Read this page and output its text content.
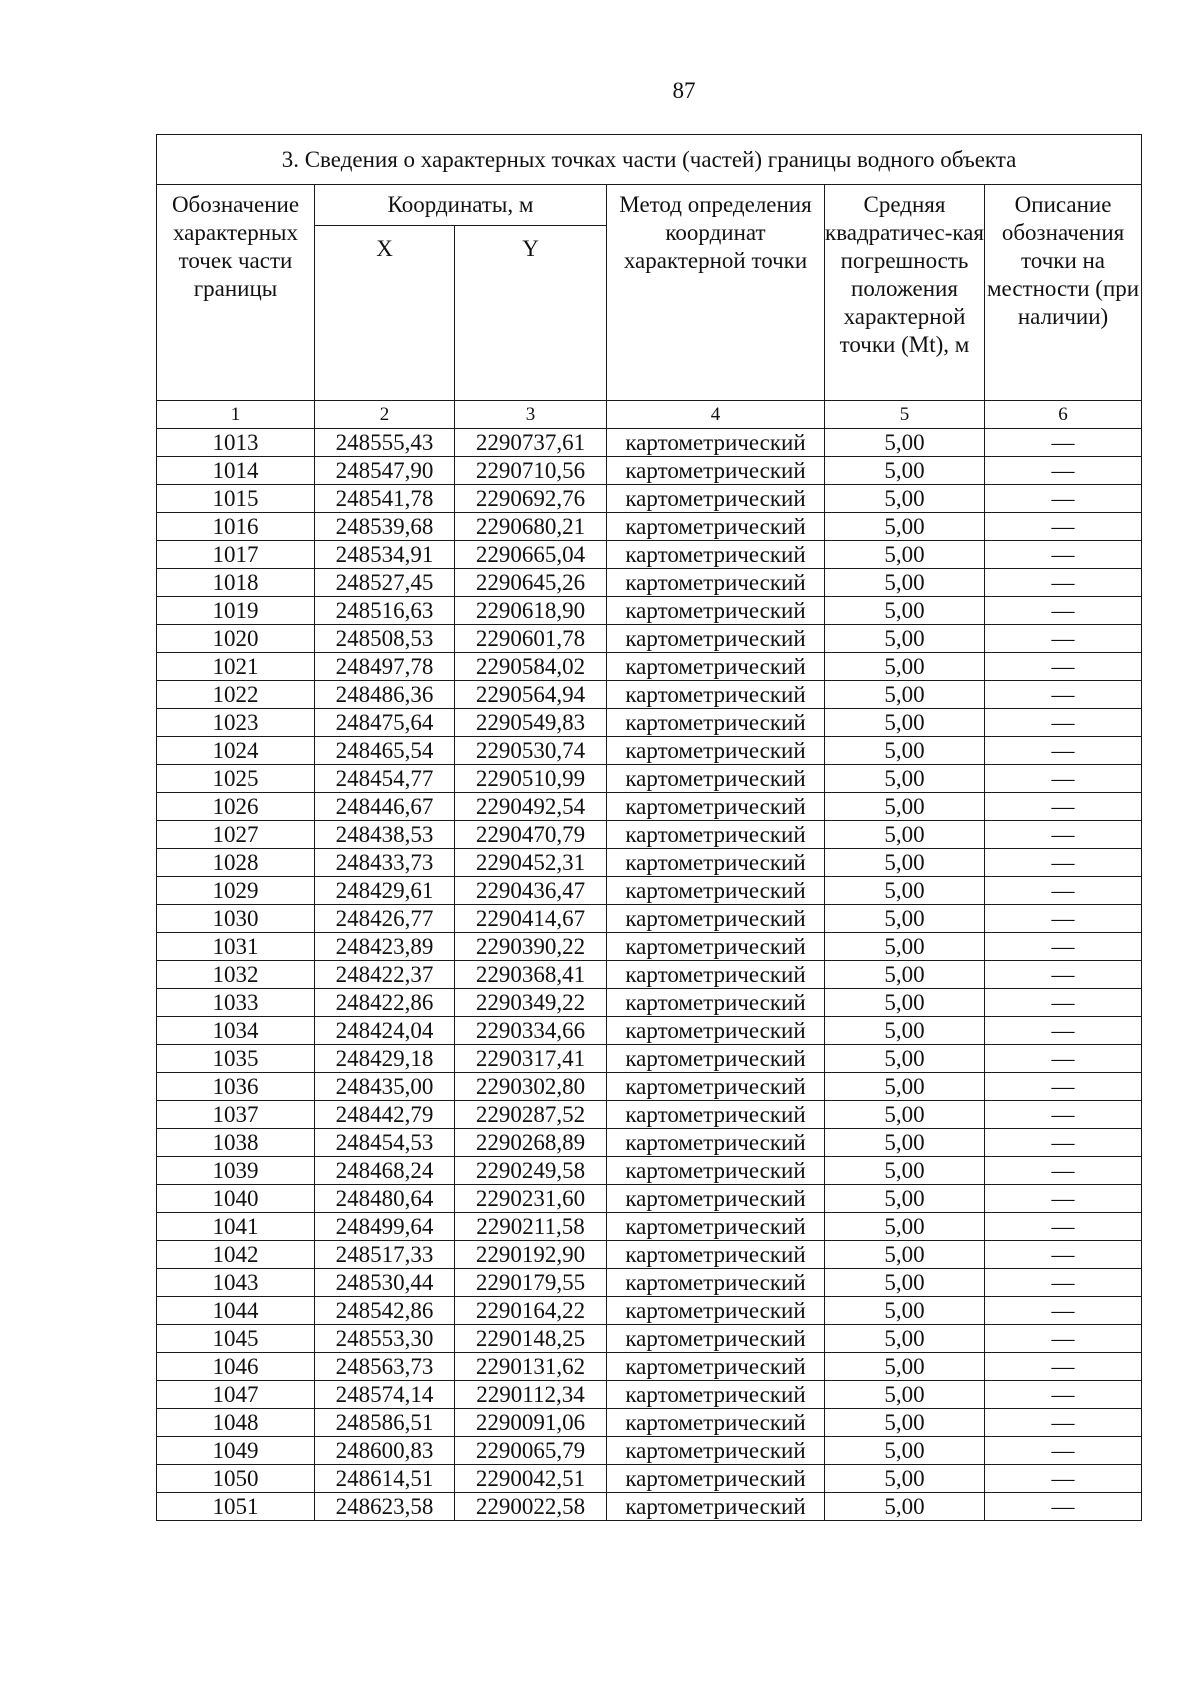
87
3. Сведения о характерных точках части (частей) границы водного объекта					
Обозначение характерных точек части границы	Координаты, м		Метод определения координат характерной точки	Средняя квадратичес-кая погрешность положения характерной точки (Mt), м	Описание обозначения точки на местности (при наличии)
	X	Y			
1	2	3	4	5	6
1013	248555,43	2290737,61	картометрический	5,00	—
1014	248547,90	2290710,56	картометрический	5,00	—
1015	248541,78	2290692,76	картометрический	5,00	—
1016	248539,68	2290680,21	картометрический	5,00	—
1017	248534,91	2290665,04	картометрический	5,00	—
1018	248527,45	2290645,26	картометрический	5,00	—
1019	248516,63	2290618,90	картометрический	5,00	—
1020	248508,53	2290601,78	картометрический	5,00	—
1021	248497,78	2290584,02	картометрический	5,00	—
1022	248486,36	2290564,94	картометрический	5,00	—
1023	248475,64	2290549,83	картометрический	5,00	—
1024	248465,54	2290530,74	картометрический	5,00	—
1025	248454,77	2290510,99	картометрический	5,00	—
1026	248446,67	2290492,54	картометрический	5,00	—
1027	248438,53	2290470,79	картометрический	5,00	—
1028	248433,73	2290452,31	картометрический	5,00	—
1029	248429,61	2290436,47	картометрический	5,00	—
1030	248426,77	2290414,67	картометрический	5,00	—
1031	248423,89	2290390,22	картометрический	5,00	—
1032	248422,37	2290368,41	картометрический	5,00	—
1033	248422,86	2290349,22	картометрический	5,00	—
1034	248424,04	2290334,66	картометрический	5,00	—
1035	248429,18	2290317,41	картометрический	5,00	—
1036	248435,00	2290302,80	картометрический	5,00	—
1037	248442,79	2290287,52	картометрический	5,00	—
1038	248454,53	2290268,89	картометрический	5,00	—
1039	248468,24	2290249,58	картометрический	5,00	—
1040	248480,64	2290231,60	картометрический	5,00	—
1041	248499,64	2290211,58	картометрический	5,00	—
1042	248517,33	2290192,90	картометрический	5,00	—
1043	248530,44	2290179,55	картометрический	5,00	—
1044	248542,86	2290164,22	картометрический	5,00	—
1045	248553,30	2290148,25	картометрический	5,00	—
1046	248563,73	2290131,62	картометрический	5,00	—
1047	248574,14	2290112,34	картометрический	5,00	—
1048	248586,51	2290091,06	картометрический	5,00	—
1049	248600,83	2290065,79	картометрический	5,00	—
1050	248614,51	2290042,51	картометрический	5,00	—
1051	248623,58	2290022,58	картометрический	5,00	—
